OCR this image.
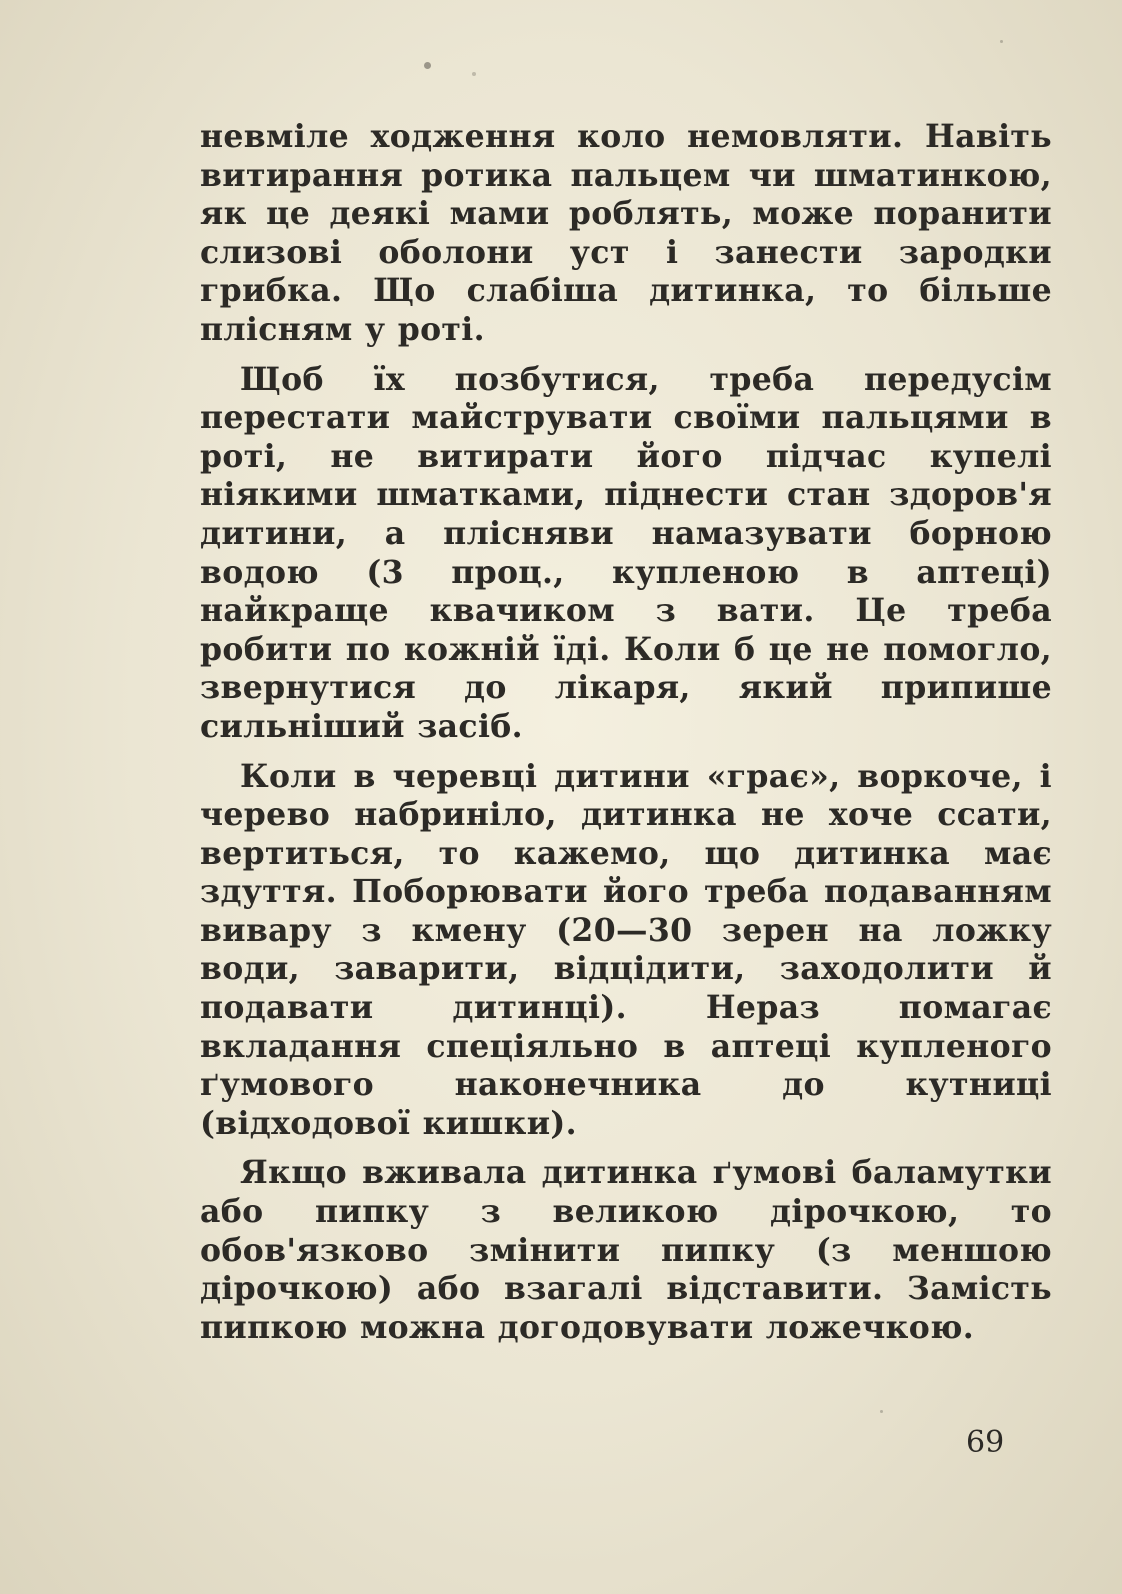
невміле ходження коло немовляти. Навіть витирання ротика пальцем чи шматинкою, як це деякі мами роблять, може поранити слизові оболони уст і занести зародки грибка. Що слабіша дитинка, то більше плісням у роті.

Щоб їх позбутися, треба передусім перестати майструвати своїми пальцями в роті, не витирати його підчас купелі ніякими шматками, піднести стан здоров'я дитини, а плісняви намазувати борною водою (3 проц., купленою в аптеці) найкраще квачиком з вати. Це треба робити по кожній їді. Коли б це не помогло, звернутися до лікаря, який припише сильніший засіб.

Коли в черевці дитини «грає», воркоче, і черево набриніло, дитинка не хоче ссати, вертиться, то кажемо, що дитинка має здуття. Поборювати його треба подаванням вивару з кмену (20—30 зерен на ложку води, заварити, відцідити, заходолити й подавати дитинці). Нераз помагає вкладання спеціяльно в аптеці купленого ґумового наконечника до кутниці (відходової кишки).

Якщо вживала дитинка ґумові баламутки або пипку з великою дірочкою, то обов'язково змінити пипку (з меншою дірочкою) або взагалі відставити. Замість пипкою можна догодовувати ложечкою.

69
